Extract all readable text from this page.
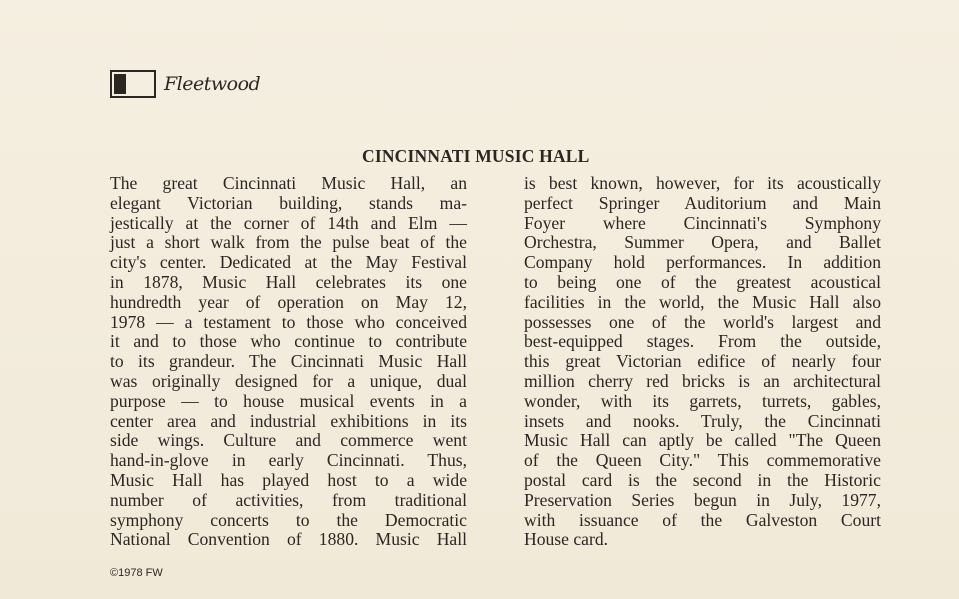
Fleetwood
CINCINNATI MUSIC HALL
The great Cincinnati Music Hall, an
elegant Victorian building, stands ma-
jestically at the corner of 14th and Elm —
just a short walk from the pulse beat of the
city's center. Dedicated at the May Festival
in 1878, Music Hall celebrates its one
hundredth year of operation on May 12,
1978 — a testament to those who conceived
it and to those who continue to contribute
to its grandeur. The Cincinnati Music Hall
was originally designed for a unique, dual
purpose — to house musical events in a
center area and industrial exhibitions in its
side wings. Culture and commerce went
hand-in-glove in early Cincinnati. Thus,
Music Hall has played host to a wide
number of activities, from traditional
symphony concerts to the Democratic
National Convention of 1880. Music Hall
is best known, however, for its acoustically
perfect Springer Auditorium and Main
Foyer where Cincinnati's Symphony
Orchestra, Summer Opera, and Ballet
Company hold performances. In addition
to being one of the greatest acoustical
facilities in the world, the Music Hall also
possesses one of the world's largest and
best-equipped stages. From the outside,
this great Victorian edifice of nearly four
million cherry red bricks is an architectural
wonder, with its garrets, turrets, gables,
insets and nooks. Truly, the Cincinnati
Music Hall can aptly be called "The Queen
of the Queen City." This commemorative
postal card is the second in the Historic
Preservation Series begun in July, 1977,
with issuance of the Galveston Court
House card.
©1978 FW
